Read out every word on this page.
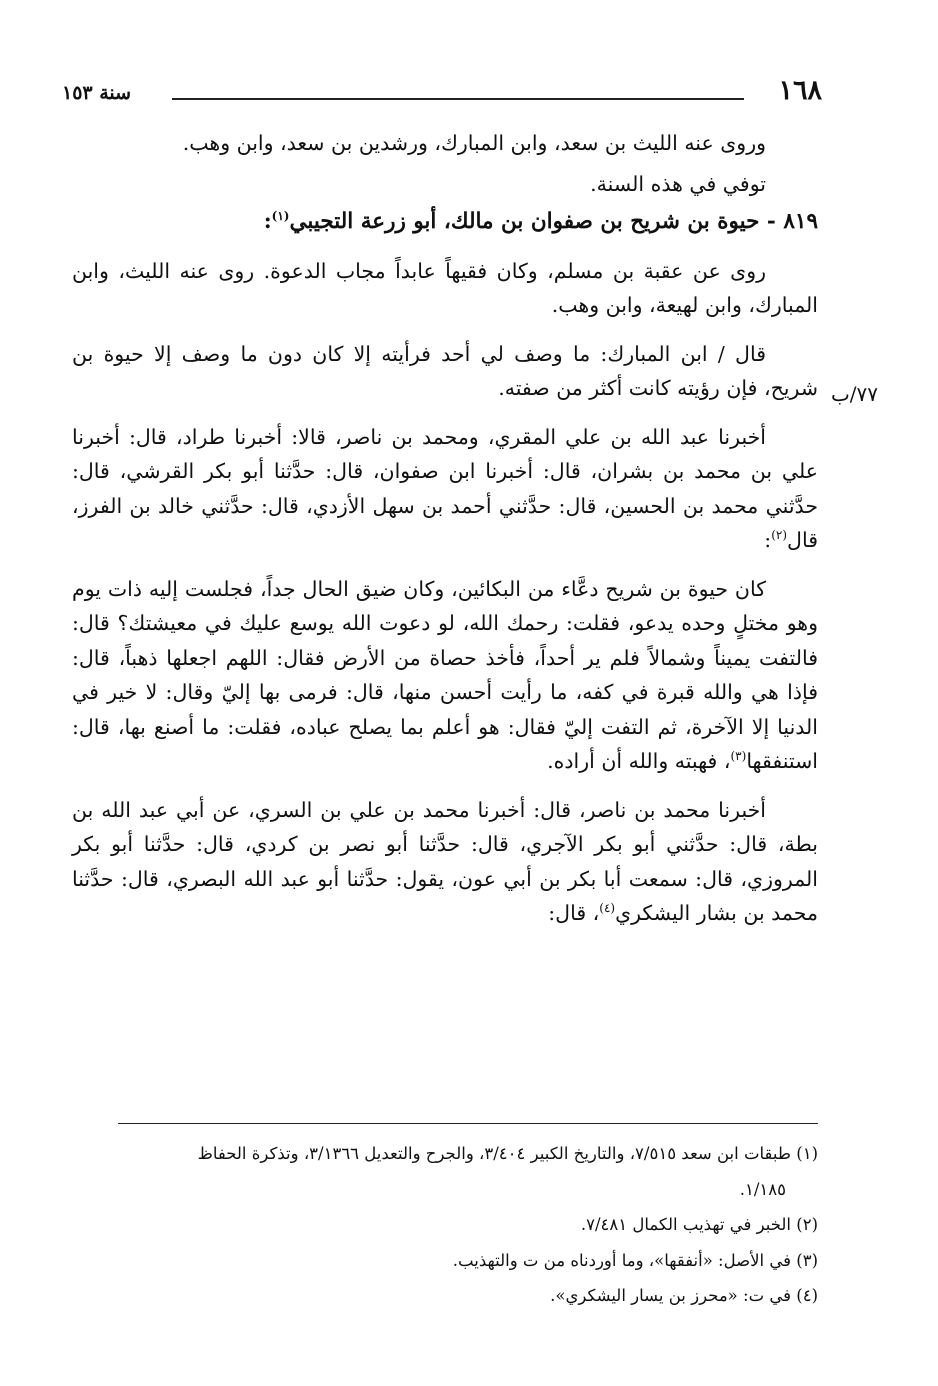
١٦٨
سنة ١٥٣

وروى عنه الليث بن سعد، وابن المبارك، ورشدين بن سعد، وابن وهب.

توفي في هذه السنة.

٨١٩ - حيوة بن شريح بن صفوان بن مالك، أبو زرعة التجيبي$^{(١)}$:

روى عن عقبة بن مسلم، وكان فقيهاً عابداً مجاب الدعوة. روى عنه الليث، وابن المبارك، وابن لهيعة، وابن وهب.

قال / ابن المبارك: ما وصف لي أحد فرأيته إلا كان دون ما وصف إلا حيوة بن شريح، فإن رؤيته كانت أكثر من صفته.

أخبرنا عبد الله بن علي المقري، ومحمد بن ناصر، قالا: أخبرنا طراد، قال: أخبرنا علي بن محمد بن بشران، قال: أخبرنا ابن صفوان، قال: حدَّثنا أبو بكر القرشي، قال: حدَّثني محمد بن الحسين، قال: حدَّثني أحمد بن سهل الأزدي، قال: حدَّثني خالد بن الفرز، قال$^{(٢)}$:

كان حيوة بن شريح دعَّاء من البكائين، وكان ضيق الحال جداً، فجلست إليه ذات يوم وهو مختلٍ وحده يدعو، فقلت: رحمك الله، لو دعوت الله يوسع عليك في معيشتك؟ قال: فالتفت يميناً وشمالاً فلم ير أحداً، فأخذ حصاة من الأرض فقال: اللهم اجعلها ذهباً، قال: فإذا هي والله قبرة في كفه، ما رأيت أحسن منها، قال: فرمى بها إليّ وقال: لا خير في الدنيا إلا الآخرة، ثم التفت إليّ فقال: هو أعلم بما يصلح عباده، فقلت: ما أصنع بها، قال: استنفقها$^{(٣)}$، فهبته والله أن أراده.

أخبرنا محمد بن ناصر، قال: أخبرنا محمد بن علي بن السري، عن أبي عبد الله بن بطة، قال: حدَّثني أبو بكر الآجري، قال: حدَّثنا أبو نصر بن كردي، قال: حدَّثنا أبو بكر المروزي، قال: سمعت أبا بكر بن أبي عون، يقول: حدَّثنا أبو عبد الله البصري، قال: حدَّثنا محمد بن بشار اليشكري$^{(٤)}$، قال:

٧٧/ب

(١) طبقات ابن سعد ٧/٥١٥، والتاريخ الكبير ٣/٤٠٤، والجرح والتعديل ٣/١٣٦٦، وتذكرة الحفاظ

١/١٨٥.

(٢) الخبر في تهذيب الكمال ٧/٤٨١.

(٣) في الأصل: «أنفقها»، وما أوردناه من ت والتهذيب.

(٤) في ت: «محرز بن يسار اليشكري».
